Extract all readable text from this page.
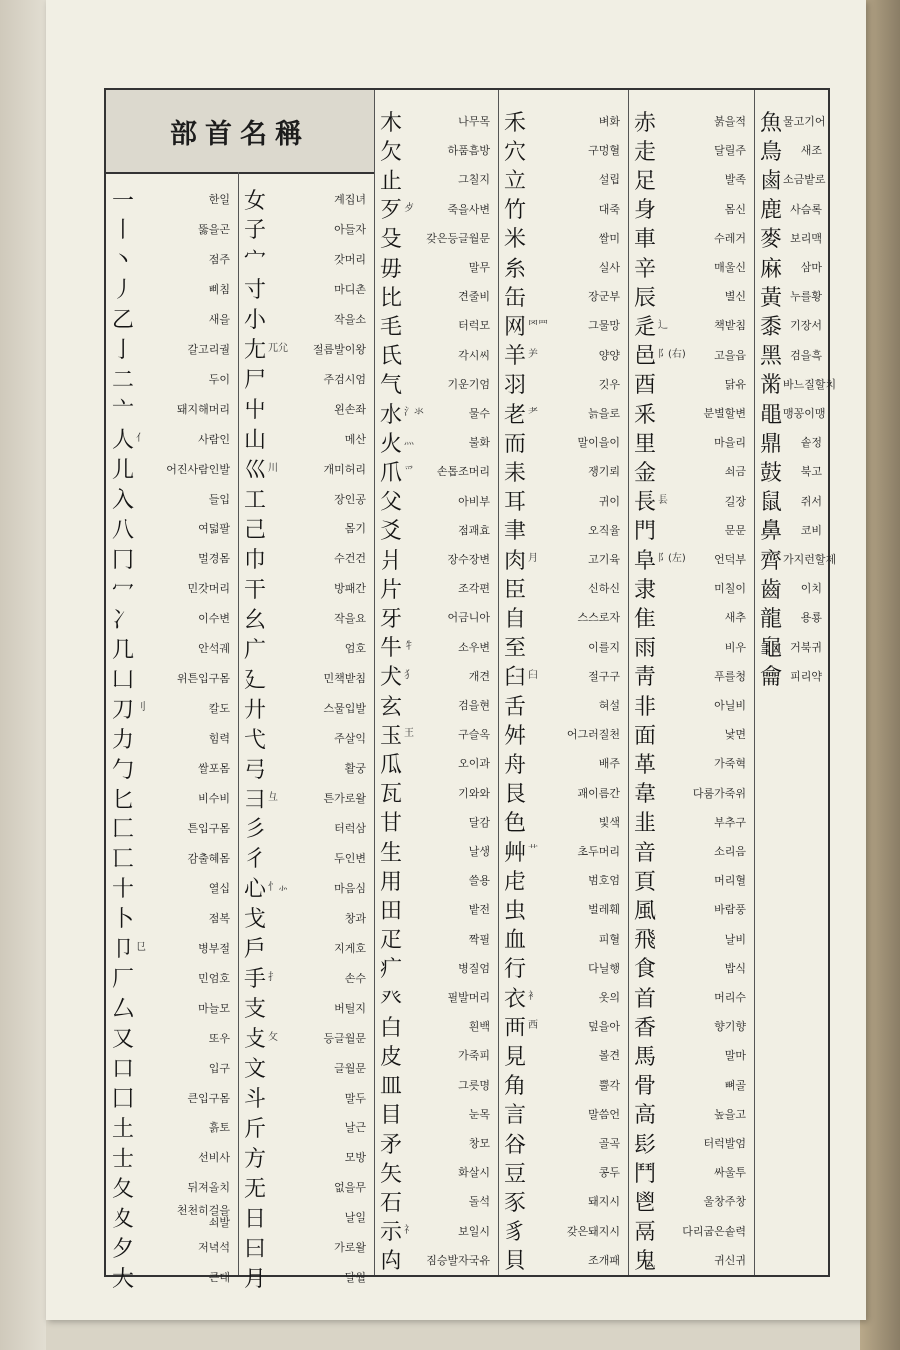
部首名稱
一	한일
丨	뚫을곤
丶	점주
丿	삐침
乙	새을
亅	갈고리궐
二	두이
亠	돼지해머리
人$^亻$	사람인
儿	어진사람인발
入	들입
八	여덟팔
冂	멀경몸
冖	민갓머리
冫	이수변
几	안석궤
凵	위튼입구몸
刀$^刂$	칼도
力	힘력
勹	쌀포몸
匕	비수비
匚	튼입구몸
匸	감출혜몸
十	열십
卜	점복
卩$^㔾$	병부절
厂	민엄호
厶	마늘모
又	또우
口	입구
囗	큰입구몸
土	흙토
士	선비사
夂	뒤져올치
夊	천천히걸을쇠발
夕	저녁석
大	큰대
女	계집녀
子	아들자
宀	갓머리
寸	마디촌
小	작을소
尢$^{兀尣}$ 절름발이왕
尸	주검시엄
屮	왼손좌
山	메산
巛$^川$	개미허리
工	장인공
己	몸기
巾	수건건
干	방패간
幺	작을요
广	엄호
廴	민책받침
廾	스물입발
弋	주살익
弓	활궁
彐$^彑$	튼가로왈
彡	터럭삼
彳	두인변
心$^{忄⺗}$	마음심
戈	창과
戶	지게호
手$^扌$	손수
支	버틸지
攴$^攵$	등글월문
文	글월문
斗	말두
斤	날근
方	모방
无	없을무
日	날일
曰	가로왈
月	달월
木	나무목
欠	하품흠방
止	그칠지
歹$^歺$	죽을사변
殳 갖은등글월문
毋	말무
比	견줄비
毛	터럭모
氏	각시씨
气	기운기엄
水$^{氵氺}$	물수
火$^灬$	불화
爪$^爫$ 손톱조머리
父	아비부
爻	점괘효
爿	장수장변
片	조각편
牙	어금니아
牛$^牜$	소우변
犬$^犭$	개견
玄	검을현
玉$^王$	구슬옥
瓜	오이과
瓦	기와와
甘	달감
生	날생
用	쓸용
田	밭전
疋	짝필
疒	병질엄
癶	필발머리
白	흰백
皮	가죽피
皿	그릇명
目	눈목
矛	창모
矢	화살시
石	돌석
示$^礻$	보일시
禸 짐승발자국유
禾	벼화
穴	구멍혈
立	설립
竹	대죽
米	쌀미
糸	실사
缶	장군부
网$^{罓罒}$	그물망
羊⺶	양양
羽	깃우
老$^耂$	늙을로
而	말이을이
耒	쟁기뢰
耳	귀이
聿	오직율
肉$^月$	고기육
臣	신하신
自	스스로자
至	이를지
臼$^臼$	절구구
舌	혀설
舛	어그러질천
舟	배주
艮	괘이름간
色	빛색
艸$^艹$	초두머리
虍	범호엄
虫	벌레훼
血	피혈
行	다닐행
衣$^衤$	옷의
襾$^西$	덮을아
見	볼견
角	뿔각
言	말씀언
谷	골곡
豆	콩두
豕	돼지시
豸	갖은돼지시
貝	조개패
赤	붉을적
走	달릴주
足	발족
身	몸신
車	수레거
辛	매울신
辰	별신
辵⻌	책받침
邑$^{阝(右)}$	고을읍
酉	닭유
釆	분별할변
里	마을리
金	쇠금
長$^镸$	길장
門	문문
阜$^{阝(左)}$	언덕부
隶	미칠이
隹	새추
雨	비우
靑	푸를청
非	아닐비
面	낯면
革	가죽혁
韋	다룸가죽위
韭	부추구
音	소리음
頁	머리혈
風	바람풍
飛	날비
食	밥식
首	머리수
香	향기향
馬	말마
骨	뼈골
高	높을고
髟	터럭발엄
鬥	싸울투
鬯	울창주창
鬲 다리굽은솥력
鬼	귀신귀
魚 물고기어
鳥 새조
鹵 소금밭로
鹿 사슴록
麥 보리맥
麻 삼마
黃 누를황
黍 기장서
黑 검을흑
黹 바느질할치
黽 맹꽁이맹
鼎 솥정
鼓 북고
鼠 쥐서
鼻 코비
齊 가지런할제
齒 이치
龍 용룡
龜 거북귀
龠 피리약
